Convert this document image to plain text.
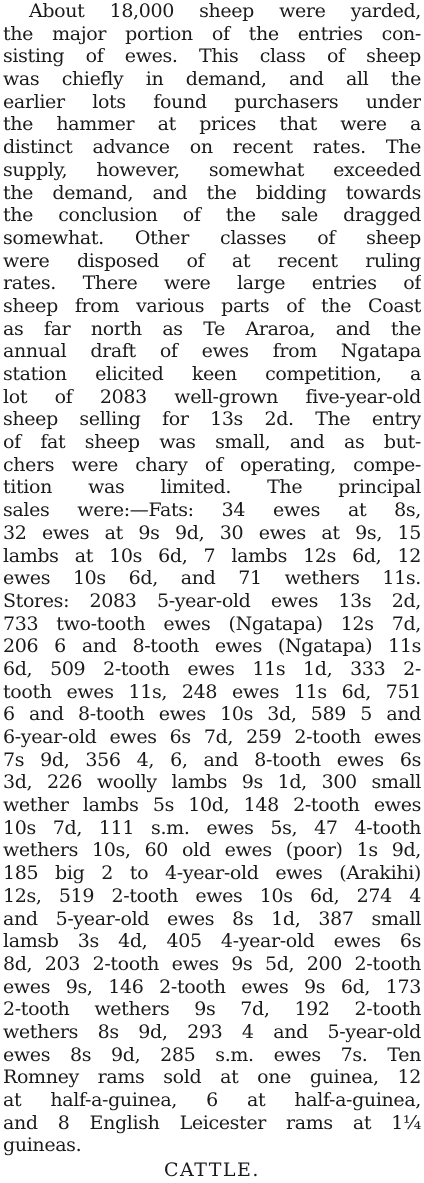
About 18,000 sheep were yarded,
the major portion of the entries con-
sisting of ewes. This class of sheep
was chiefly in demand, and all the
earlier lots found purchasers under
the hammer at prices that were a
distinct advance on recent rates. The
supply, however, somewhat exceeded
the demand, and the bidding towards
the conclusion of the sale dragged
somewhat. Other classes of sheep
were disposed of at recent ruling
rates. There were large entries of
sheep from various parts of the Coast
as far north as Te Araroa, and the
annual draft of ewes from Ngatapa
station elicited keen competition, a
lot of 2083 well-grown five-year-old
sheep selling for 13s 2d. The entry
of fat sheep was small, and as but-
chers were chary of operating, compe-
tition was limited. The principal
sales were:—Fats: 34 ewes at 8s,
32 ewes at 9s 9d, 30 ewes at 9s, 15
lambs at 10s 6d, 7 lambs 12s 6d, 12
ewes 10s 6d, and 71 wethers 11s.
Stores: 2083 5-year-old ewes 13s 2d,
733 two-tooth ewes (Ngatapa) 12s 7d,
206 6 and 8-tooth ewes (Ngatapa) 11s
6d, 509 2-tooth ewes 11s 1d, 333 2-
tooth ewes 11s, 248 ewes 11s 6d, 751
6 and 8-tooth ewes 10s 3d, 589 5 and
6-year-old ewes 6s 7d, 259 2-tooth ewes
7s 9d, 356 4, 6, and 8-tooth ewes 6s
3d, 226 woolly lambs 9s 1d, 300 small
wether lambs 5s 10d, 148 2-tooth ewes
10s 7d, 111 s.m. ewes 5s, 47 4-tooth
wethers 10s, 60 old ewes (poor) 1s 9d,
185 big 2 to 4-year-old ewes (Arakihi)
12s, 519 2-tooth ewes 10s 6d, 274 4
and 5-year-old ewes 8s 1d, 387 small
lamsb 3s 4d, 405 4-year-old ewes 6s
8d, 203 2-tooth ewes 9s 5d, 200 2-tooth
ewes 9s, 146 2-tooth ewes 9s 6d, 173
2-tooth wethers 9s 7d, 192 2-tooth
wethers 8s 9d, 293 4 and 5-year-old
ewes 8s 9d, 285 s.m. ewes 7s. Ten
Romney rams sold at one guinea, 12
at half-a-guinea, 6 at half-a-guinea,
and 8 English Leicester rams at 1¼
guineas.
CATTLE.
